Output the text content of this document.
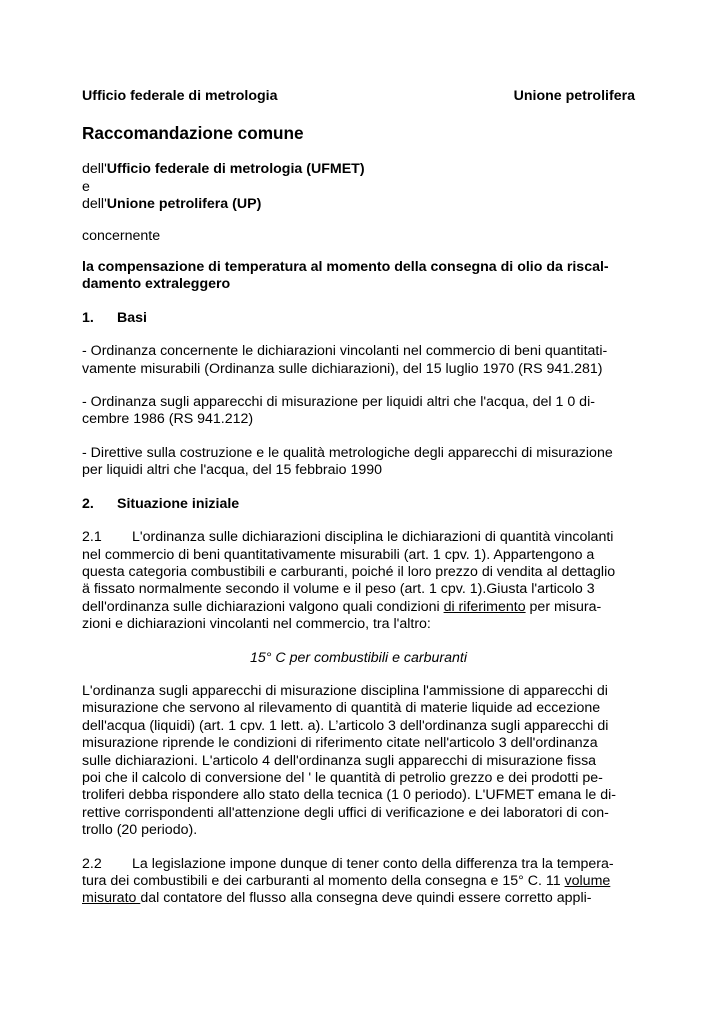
Ufficio federale di metrologia	Unione petrolifera
Raccomandazione comune
dell'Ufficio federale di metrologia (UFMET)
e
dell'Unione petrolifera (UP)
concernente
la compensazione di temperatura al momento della consegna di olio da riscal-
damento extraleggero
1.	Basi
- Ordinanza concernente le dichiarazioni vincolanti nel commercio di beni quantitati-
vamente misurabili (Ordinanza sulle dichiarazioni), del 15 luglio 1970 (RS 941.281)
- Ordinanza sugli apparecchi di misurazione per liquidi altri che l'acqua, del 1 0 di-
cembre 1986 (RS 941.212)
- Direttive sulla costruzione e le qualità metrologiche degli apparecchi di misurazione
per liquidi altri che l'acqua, del 15 febbraio 1990
2.	Situazione iniziale
2.1 L'ordinanza sulle dichiarazioni disciplina le dichiarazioni di quantità vincolanti
nel commercio di beni quantitativamente misurabili (art. 1 cpv. 1). Appartengono a
questa categoria combustibili e carburanti, poiché il loro prezzo di vendita al dettaglio
ä fissato normalmente secondo il volume e il peso (art. 1 cpv. 1).Giusta l'articolo 3
dell'ordinanza sulle dichiarazioni valgono quali condizioni di riferimento per misura-
zioni e dichiarazioni vincolanti nel commercio, tra l'altro:
15° C per combustibili e carburanti
L'ordinanza sugli apparecchi di misurazione disciplina l'ammissione di apparecchi di
misurazione che servono al rilevamento di quantità di materie liquide ad eccezione
dell'acqua (liquidi) (art. 1 cpv. 1 lett. a). L’articolo 3 dell'ordinanza sugli apparecchi di
misurazione riprende le condizioni di riferimento citate nell'articolo 3 dell'ordinanza
sulle dichiarazioni. L'articolo 4 dell'ordinanza sugli apparecchi di misurazione fissa
poi che il calcolo di conversione del ' le quantità di petrolio grezzo e dei prodotti pe-
troliferi debba rispondere allo stato della tecnica (1 0 periodo). L'UFMET emana le di-
rettive corrispondenti all'attenzione degli uffici di verificazione e dei laboratori di con-
trollo (20 periodo).
2.2 La legislazione impone dunque di tener conto della differenza tra la tempera-
tura dei combustibili e dei carburanti al momento della consegna e 15° C. 11 volume
misurato dal contatore del flusso alla consegna deve quindi essere corretto appli-
